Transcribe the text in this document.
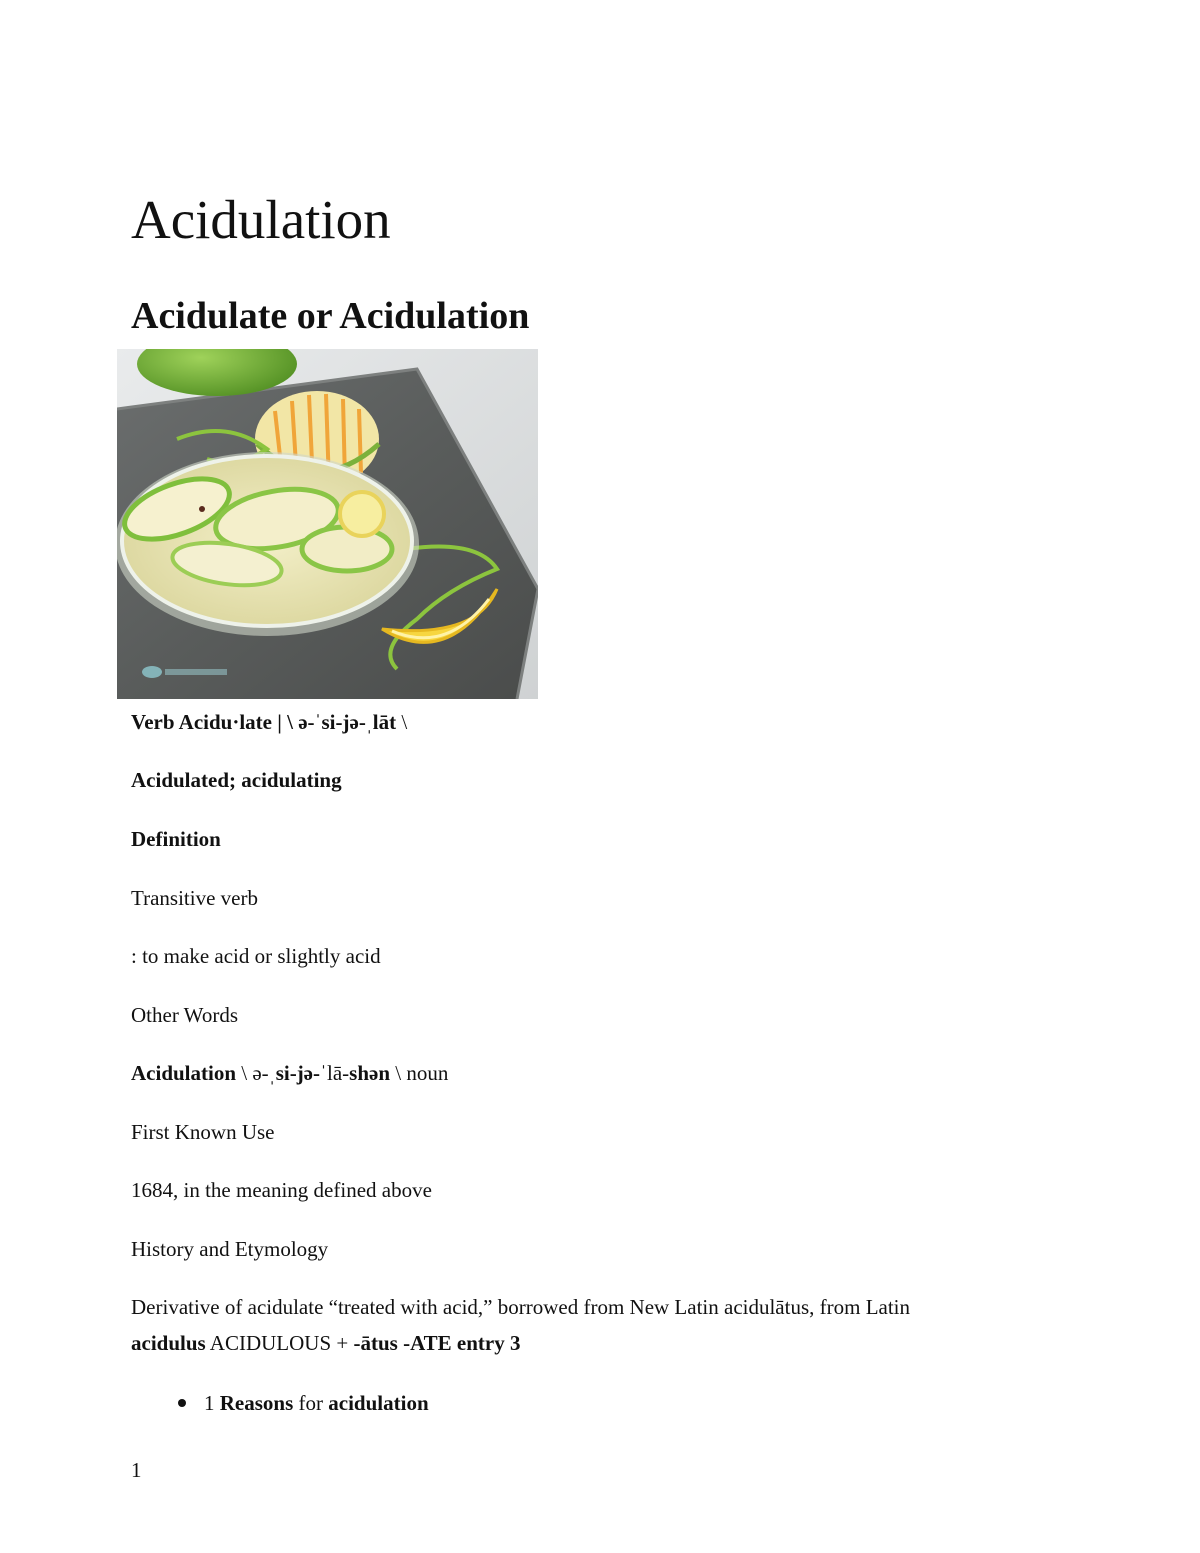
Acidulation
Acidulate or Acidulation

Verb Acidu·late | \ ə-ˈsi-jə-ˌlāt \

Acidulated; acidulating

Definition

Transitive verb

: to make acid or slightly acid

Other Words

Acidulation \ ə-ˌsi-jə-ˈlā-shən \ noun

First Known Use

1684, in the meaning defined above

History and Etymology

Derivative of acidulate “treated with acid,” borrowed from New Latin acidulātus, from Latin

acidulus ACIDULOUS + -ātus -ATE entry 3

1 Reasons for acidulation
1
